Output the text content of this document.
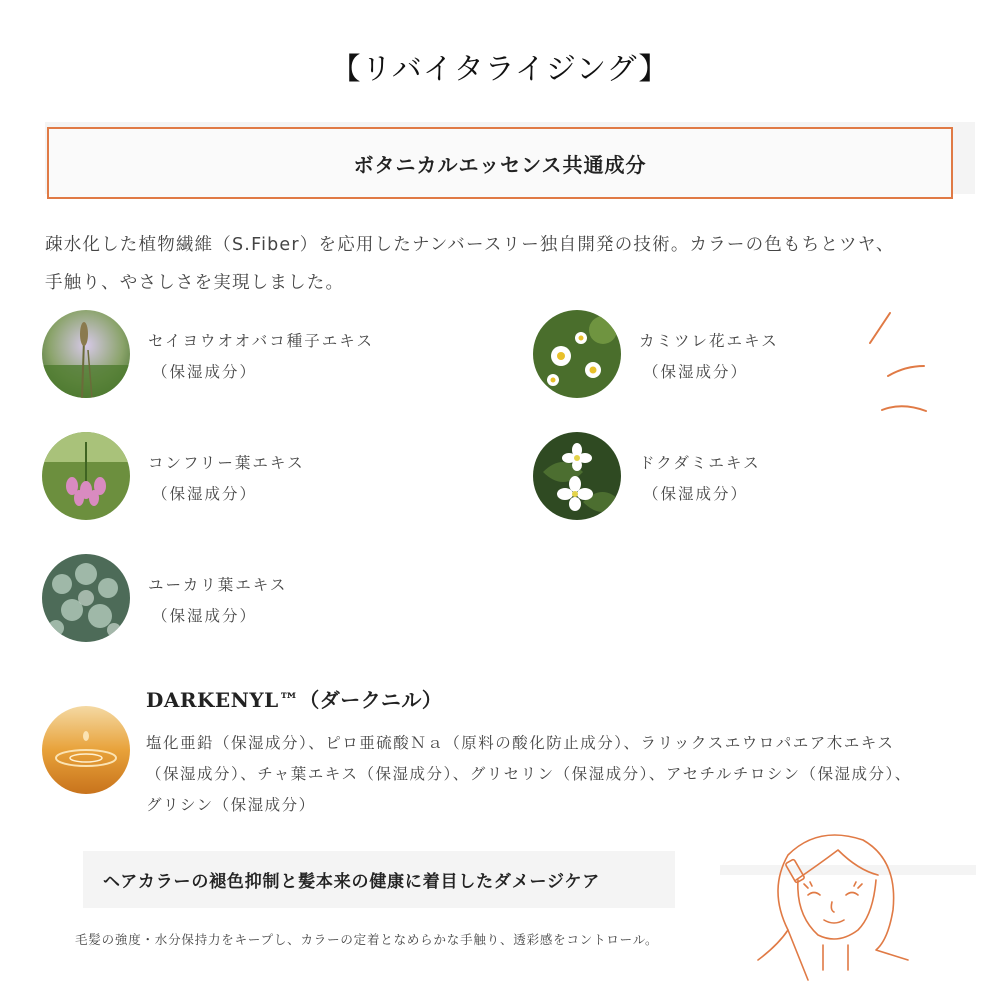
【リバイタライジング】
ボタニカルエッセンス共通成分
疎水化した植物繊維（S.Fiber）を応用したナンバースリー独自開発の技術。カラーの色もちとツヤ、
手触り、やさしさを実現しました。
セイヨウオオバコ種子エキス
（保湿成分）
カミツレ花エキス
（保湿成分）
コンフリー葉エキス
（保湿成分）
ドクダミエキス
（保湿成分）
ユーカリ葉エキス
（保湿成分）
DARKENYL™（ダークニル）
塩化亜鉛（保湿成分）、ピロ亜硫酸Ｎａ（原料の酸化防止成分）、ラリックスエウロパエア木エキス
（保湿成分）、チャ葉エキス（保湿成分）、グリセリン（保湿成分）、アセチルチロシン（保湿成分）、
グリシン（保湿成分）
ヘアカラーの褪色抑制と髪本来の健康に着目したダメージケア
毛髪の強度・水分保持力をキープし、カラーの定着となめらかな手触り、透彩感をコントロール。
